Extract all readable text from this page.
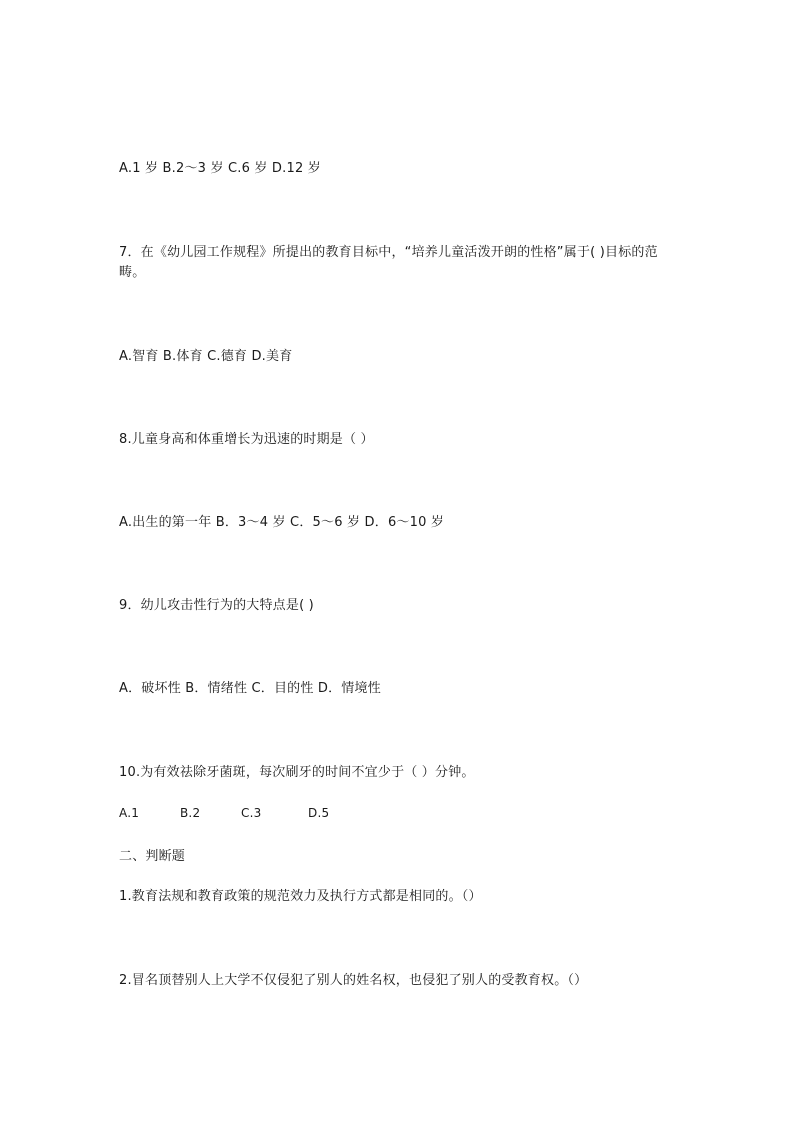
A.1 岁 B.2～3 岁 C.6 岁 D.12 岁
7．在《幼儿园工作规程》所提出的教育目标中，“培养儿童活泼开朗的性格”属于( )目标的范畴。
A.智育 B.体育 C.德育 D.美育
8.儿童身高和体重增长为迅速的时期是（ ）
A.出生的第一年 B．3～4 岁 C．5～6 岁 D．6～10 岁
9．幼儿攻击性行为的大特点是( )
A．破坏性 B．情绪性 C．目的性 D．情境性
10.为有效祛除牙菌斑，每次刷牙的时间不宜少于（ ）分钟。
A.1	B.2	C.3	D.5
二、判断题
1.教育法规和教育政策的规范效力及执行方式都是相同的。（）
2.冒名顶替别人上大学不仅侵犯了别人的姓名权，也侵犯了别人的受教育权。（）
